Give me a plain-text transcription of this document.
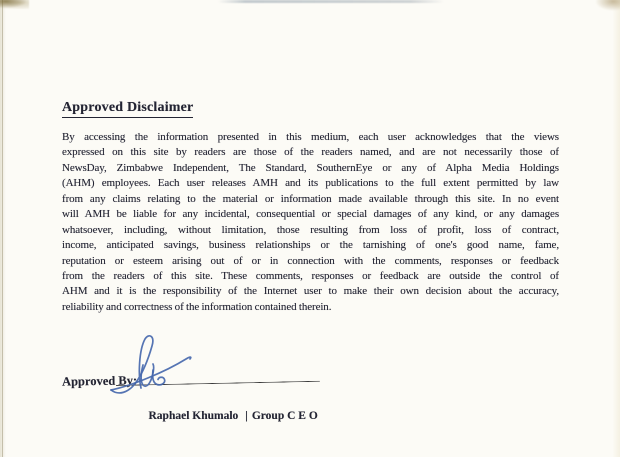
Approved Disclaimer
By accessing the information presented in this medium, each user acknowledges that the views
expressed on this site by readers are those of the readers named, and are not necessarily those of
NewsDay, Zimbabwe Independent, The Standard, SouthernEye or any of Alpha Media Holdings
(AHM) employees. Each user releases AMH and its publications to the full extent permitted by law
from any claims relating to the material or information made available through this site. In no event
will AMH be liable for any incidental, consequential or special damages of any kind, or any damages
whatsoever, including, without limitation, those resulting from loss of profit, loss of contract,
income, anticipated savings, business relationships or the tarnishing of one's good name, fame,
reputation or esteem arising out of or in connection with the comments, responses or feedback
from the readers of this site. These comments, responses or feedback are outside the control of
AHM and it is the responsibility of the Internet user to make their own decision about the accuracy,
reliability and correctness of the information contained therein.
Approved By:

Raphael Khumalo | Group C E O
